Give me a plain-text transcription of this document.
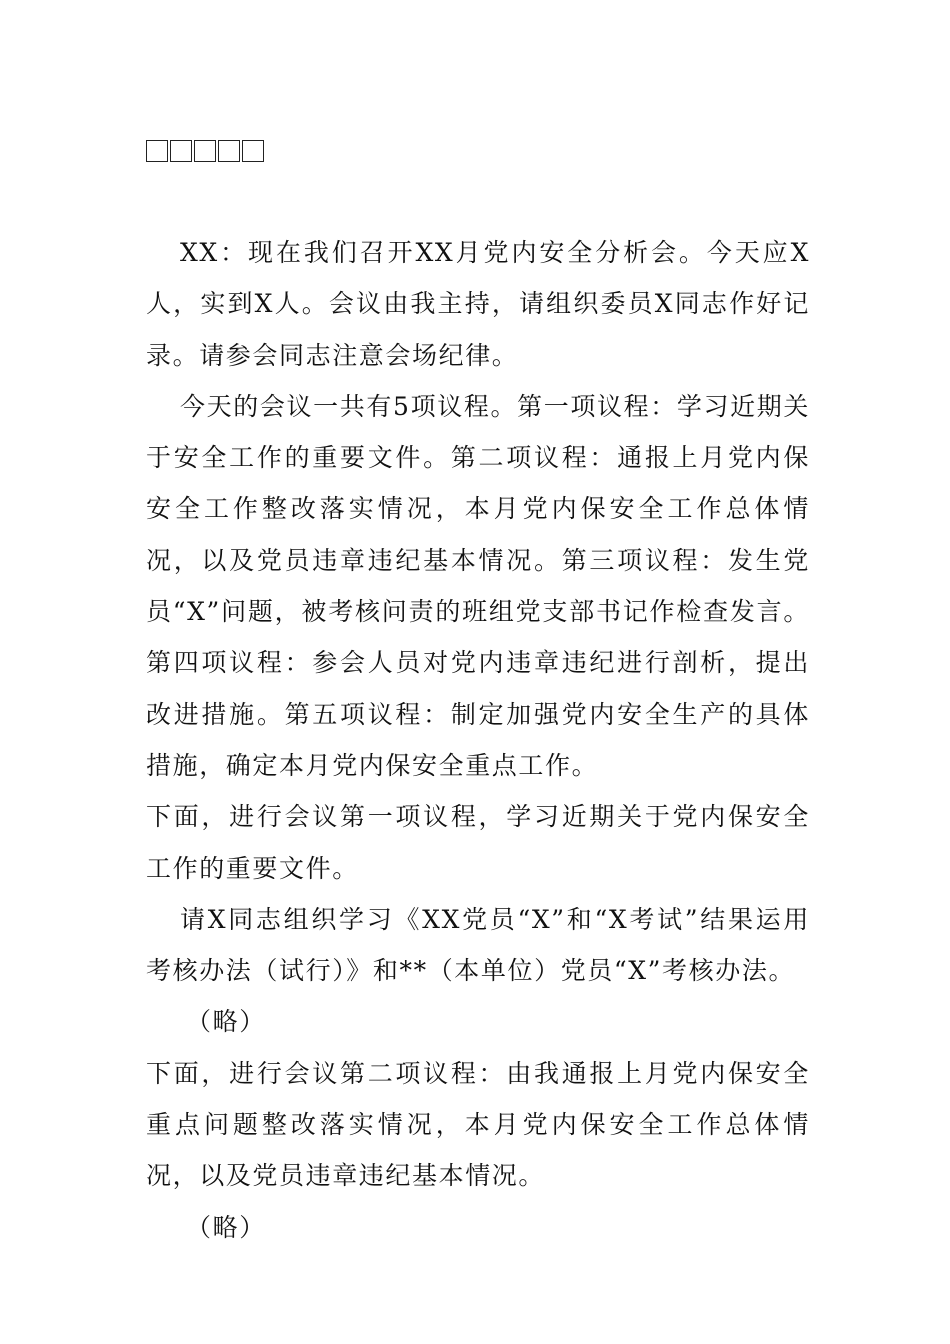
XX：现在我们召开XX月党内安全分析会。今天应X人，实到X人。会议由我主持，请组织委员X同志作好记录。请参会同志注意会场纪律。

今天的会议一共有5项议程。第一项议程：学习近期关于安全工作的重要文件。第二项议程：通报上月党内保安全工作整改落实情况，本月党内保安全工作总体情况，以及党员违章违纪基本情况。第三项议程：发生党员“X”问题，被考核问责的班组党支部书记作检查发言。第四项议程：参会人员对党内违章违纪进行剖析，提出改进措施。第五项议程：制定加强党内安全生产的具体措施，确定本月党内保安全重点工作。

下面，进行会议第一项议程，学习近期关于党内保安全工作的重要文件。

请X同志组织学习《XX党员“X”和“X考试”结果运用考核办法（试行）》和**（本单位）党员“X”考核办法。

（略）

下面，进行会议第二项议程：由我通报上月党内保安全重点问题整改落实情况，本月党内保安全工作总体情况，以及党员违章违纪基本情况。

（略）
